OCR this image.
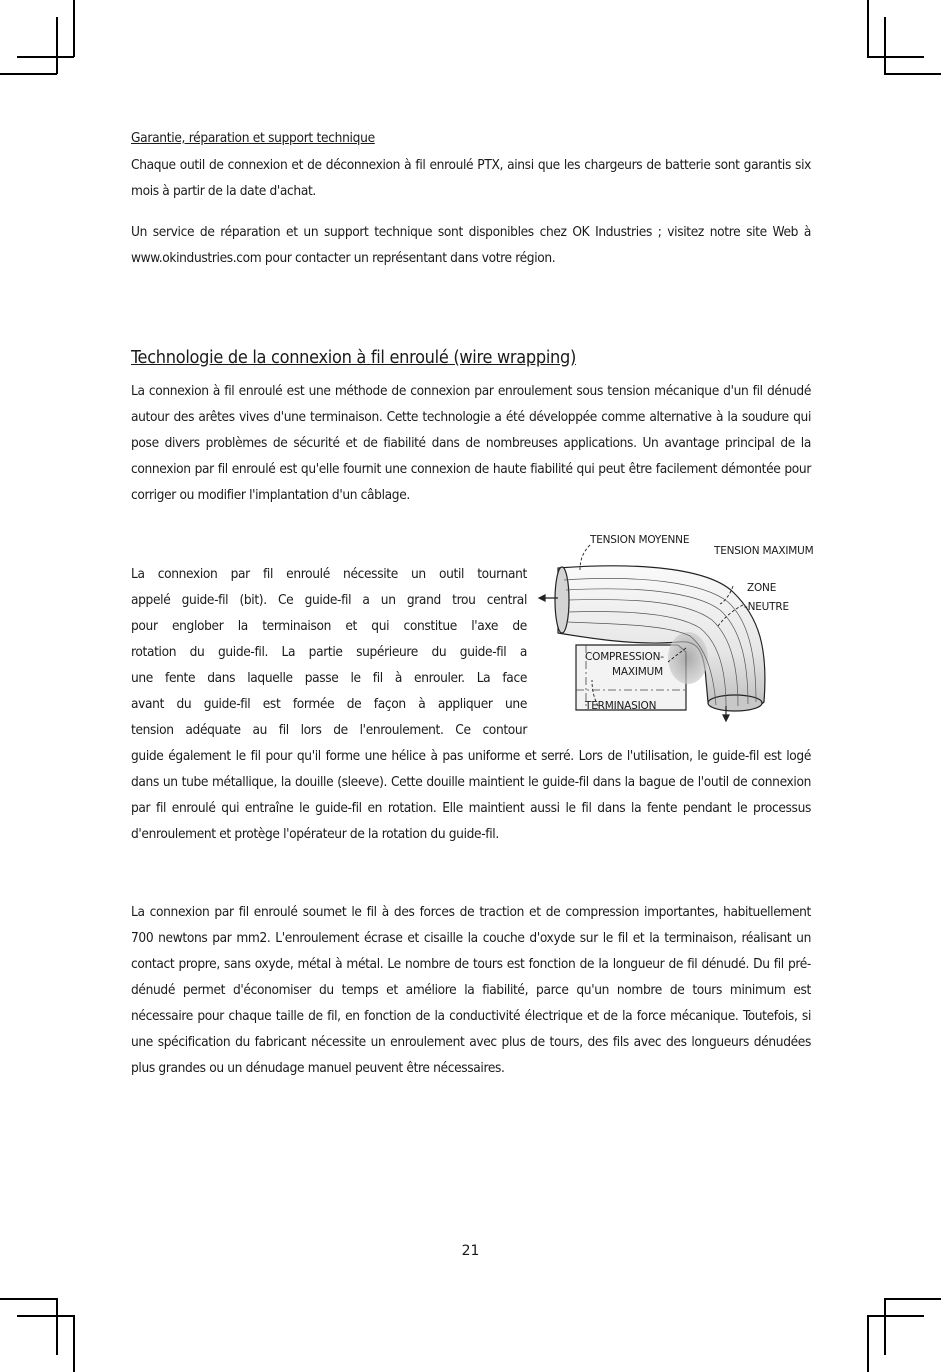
Garantie, réparation et support technique

Chaque outil de connexion et de déconnexion à fil enroulé PTX, ainsi que les chargeurs de batterie sont garantis six mois à partir de la date d'achat.

Un service de réparation et un support technique sont disponibles chez OK Industries ; visitez notre site Web à www.okindustries.com pour contacter un représentant dans votre région.

Technologie de la connexion à fil enroulé (wire wrapping)

La connexion à fil enroulé est une méthode de connexion par enroulement sous tension mécanique d'un fil dénudé autour des arêtes vives d'une terminaison. Cette technologie a été développée comme alternative à la soudure qui pose divers problèmes de sécurité et de fiabilité dans de nombreuses applications. Un avantage principal de la connexion par fil enroulé est qu'elle fournit une connexion de haute fiabilité qui peut être facilement démontée pour corriger ou modifier l'implantation d'un câblage.

La connexion par fil enroulé nécessite un outil tournant
appelé guide-fil (bit). Ce guide-fil a un grand trou central
pour englober la terminaison et qui constitue l'axe de
rotation du guide-fil. La partie supérieure du guide-fil a
une fente dans laquelle passe le fil à enrouler. La face
avant du guide-fil est formée de façon à appliquer une
tension adéquate au fil lors de l'enroulement. Ce contour

guide également le fil pour qu'il forme une hélice à pas uniforme et serré. Lors de l'utilisation, le guide-fil est logé dans un tube métallique, la douille (sleeve). Cette douille maintient le guide-fil dans la bague de l'outil de connexion par fil enroulé qui entraîne le guide-fil en rotation. Elle maintient aussi le fil dans la fente pendant le processus d'enroulement et protège l'opérateur de la rotation du guide-fil.

La connexion par fil enroulé soumet le fil à des forces de traction et de compression importantes, habituellement 700 newtons par mm2. L'enroulement écrase et cisaille la couche d'oxyde sur le fil et la terminaison, réalisant un contact propre, sans oxyde, métal à métal. Le nombre de tours est fonction de la longueur de fil dénudé. Du fil pré-dénudé permet d'économiser du temps et améliore la fiabilité, parce qu'un nombre de tours minimum est nécessaire pour chaque taille de fil, en fonction de la conductivité électrique et de la force mécanique. Toutefois, si une spécification du fabricant nécessite un enroulement avec plus de tours, des fils avec des longueurs dénudées plus grandes ou un dénudage manuel peuvent être nécessaires.

TENSION MOYENNE
TENSION MAXIMUM
ZONE
-NEUTRE
COMPRESSION-
MAXIMUM
TERMINASION
21
